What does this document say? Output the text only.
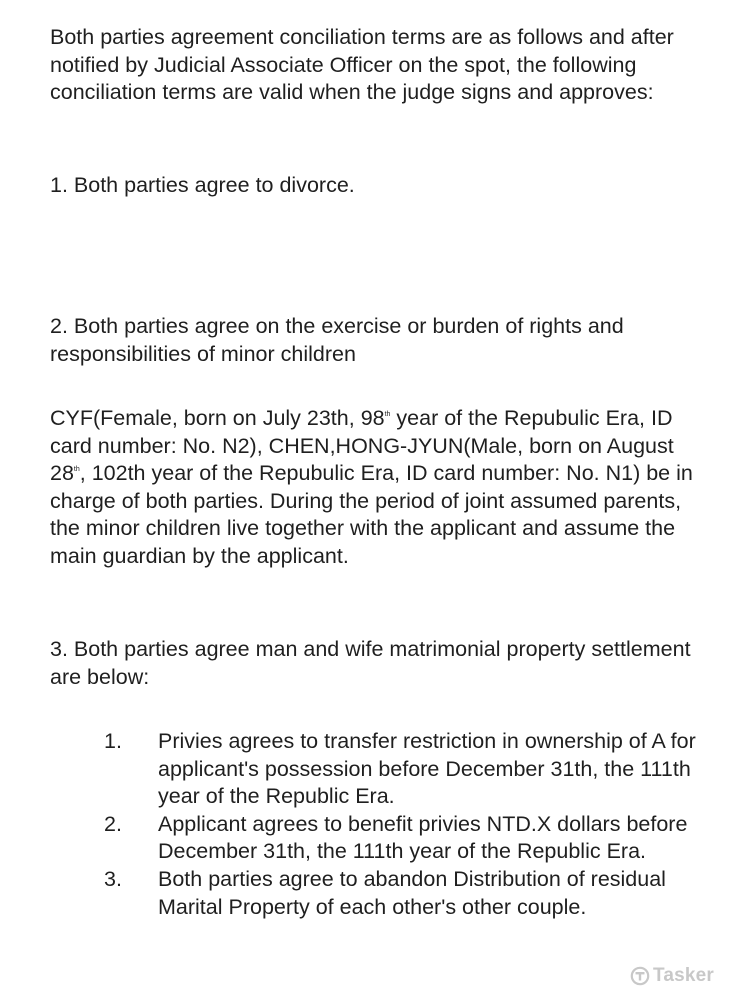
Both parties agreement conciliation terms are as follows and after notified by Judicial Associate Officer on the spot, the following conciliation terms are valid when the judge signs and approves:

1. Both parties agree to divorce.

2. Both parties agree on the exercise or burden of rights and responsibilities of minor children

CYF(Female, born on July 23th, 98th year of the Repubulic Era, ID card number: No. N2), CHEN,HONG-JYUN(Male, born on August 28th, 102th year of the Repubulic Era, ID card number: No. N1) be in charge of both parties. During the period of joint assumed parents, the minor children live together with the applicant and assume the main guardian by the applicant.

3. Both parties agree man and wife matrimonial property settlement are below:

1. Privies agrees to transfer restriction in ownership of A for applicant's possession before December 31th, the 111th year of the Republic Era.
2. Applicant agrees to benefit privies NTD.X dollars before December 31th, the 111th year of the Republic Era.
3. Both parties agree to abandon Distribution of residual Marital Property of each other's other couple.
Tasker
